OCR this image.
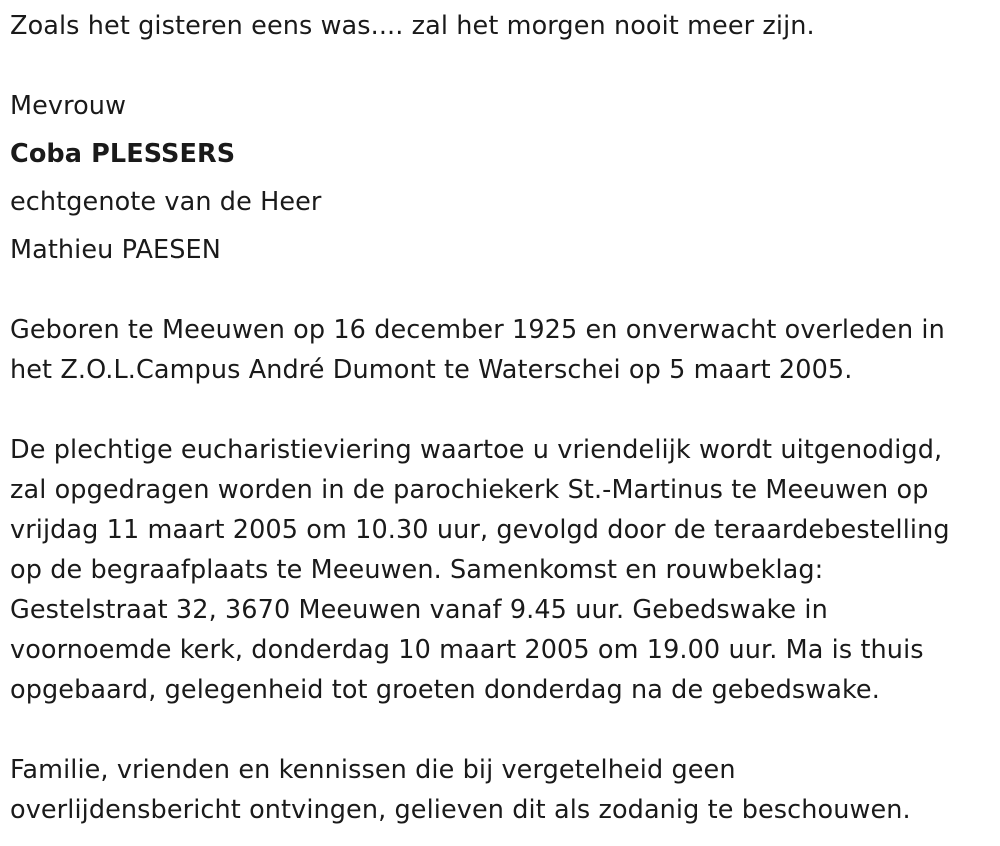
Zoals het gisteren eens was.... zal het morgen nooit meer zijn.
Mevrouw
Coba PLESSERS
echtgenote van de Heer
Mathieu PAESEN
Geboren te Meeuwen op 16 december 1925 en onverwacht overleden in
het Z.O.L.Campus André Dumont te Waterschei op 5 maart 2005.
De plechtige eucharistieviering waartoe u vriendelijk wordt uitgenodigd,
zal opgedragen worden in de parochiekerk St.-Martinus te Meeuwen op
vrijdag 11 maart 2005 om 10.30 uur, gevolgd door de teraardebestelling
op de begraafplaats te Meeuwen. Samenkomst en rouwbeklag:
Gestelstraat 32, 3670 Meeuwen vanaf 9.45 uur. Gebedswake in
voornoemde kerk, donderdag 10 maart 2005 om 19.00 uur. Ma is thuis
opgebaard, gelegenheid tot groeten donderdag na de gebedswake.
Familie, vrienden en kennissen die bij vergetelheid geen
overlijdensbericht ontvingen, gelieven dit als zodanig te beschouwen.
